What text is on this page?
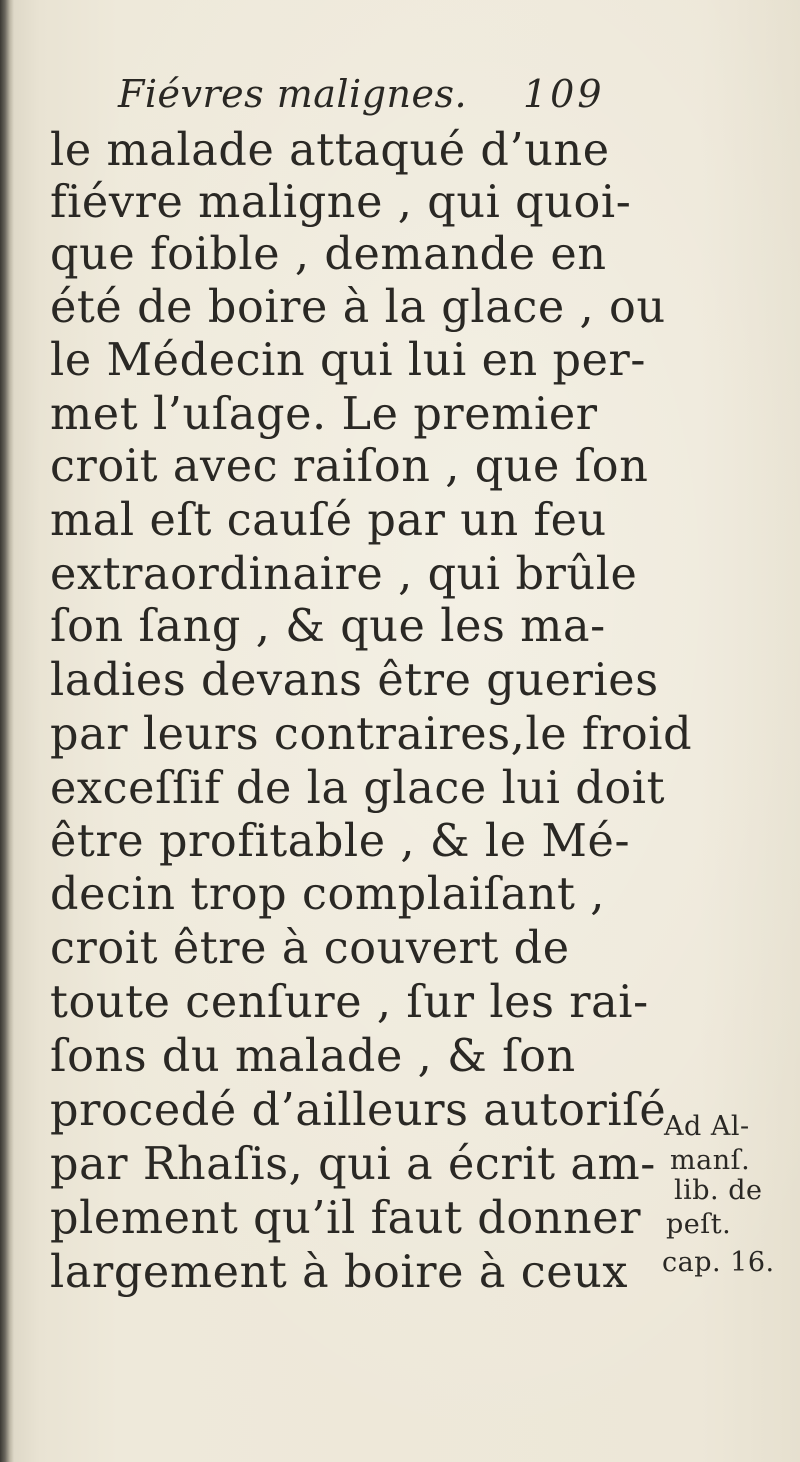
Fiévres malignes. 109
le malade attaqué d’une
fiévre maligne , qui quoi-
que foible , demande en
été de boire à la glace , ou
le Médecin qui lui en per-
met l’uſage. Le premier
croit avec raiſon , que ſon
mal eſt cauſé par un feu
extraordinaire , qui brûle
ſon ſang , & que les ma-
ladies devans être gueries
par leurs contraires,le froid
exceſſif de la glace lui doit
être profitable , & le Mé-
decin trop complaiſant ,
croit être à couvert de
toute cenſure , ſur les rai-
ſons du malade , & ſon
procedé d’ailleurs autoriſé
par Rhaſis, qui a écrit am-
plement qu’il faut donner
largement à boire à ceux
Ad Al-
manſ.
lib. de
peſt.
cap. 16.
